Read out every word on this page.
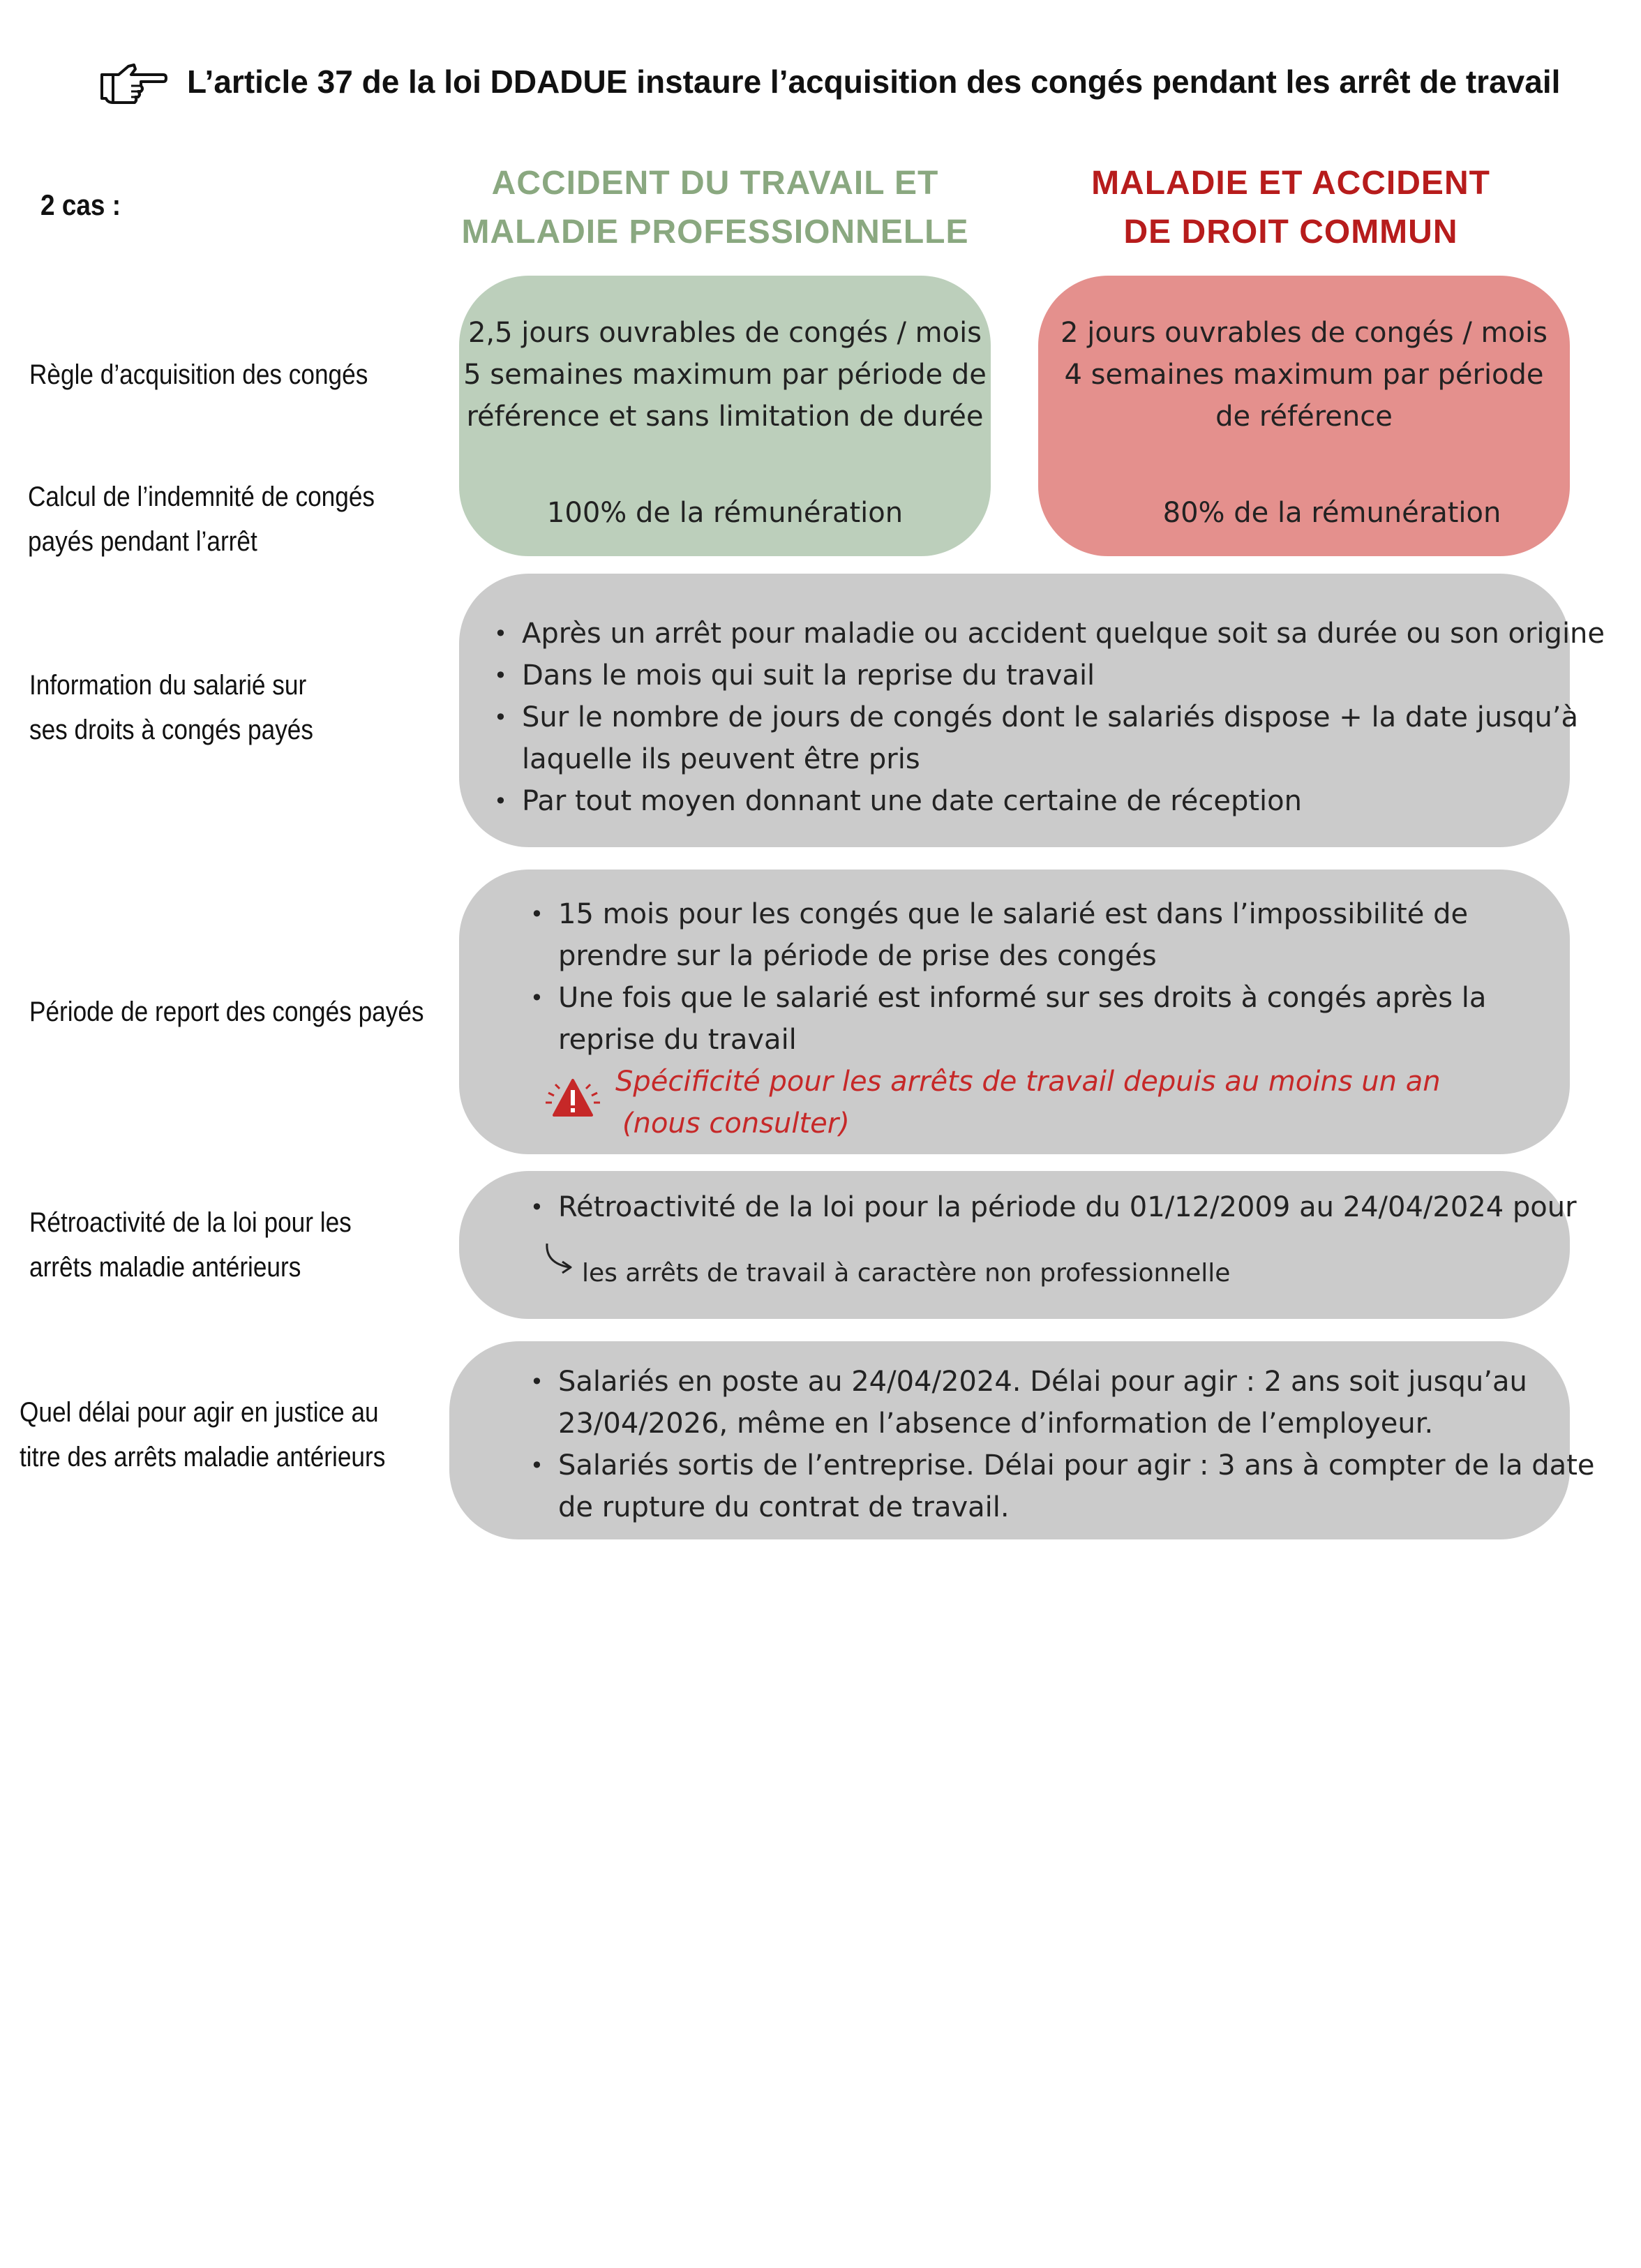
L’article 37 de la loi DDADUE instaure l’acquisition des congés pendant les arrêt de travail
2 cas :
ACCIDENT DU TRAVAIL ET
MALADIE PROFESSIONNELLE
MALADIE ET ACCIDENT
DE DROIT COMMUN
Règle d’acquisition des congés
Calcul de l’indemnité de congés
payés pendant l’arrêt
Information du salarié sur
ses droits à congés payés
Période de report des congés payés
Rétroactivité de la loi pour les
arrêts maladie antérieurs
Quel délai pour agir en justice au
titre des arrêts maladie antérieurs
2,5 jours ouvrables de congés / mois
5 semaines maximum par période de
référence et sans limitation de durée
100% de la rémunération
2 jours ouvrables de congés / mois
4 semaines maximum par période
de référence
80% de la rémunération
• Après un arrêt pour maladie ou accident quelque soit sa durée ou son origine
• Dans le mois qui suit la reprise du travail
• Sur le nombre de jours de congés dont le salariés dispose + la date jusqu’à
laquelle ils peuvent être pris
• Par tout moyen donnant une date certaine de réception
• 15 mois pour les congés que le salarié est dans l’impossibilité de
prendre sur la période de prise des congés
• Une fois que le salarié est informé sur ses droits à congés après la
reprise du travail
Spécificité pour les arrêts de travail depuis au moins un an
(nous consulter)
• Rétroactivité de la loi pour la période du 01/12/2009 au 24/04/2024 pour
les arrêts de travail à caractère non professionnelle
• Salariés en poste au 24/04/2024. Délai pour agir : 2 ans soit jusqu’au
23/04/2026, même en l’absence d’information de l’employeur.
• Salariés sortis de l’entreprise. Délai pour agir : 3 ans à compter de la date
de rupture du contrat de travail.
